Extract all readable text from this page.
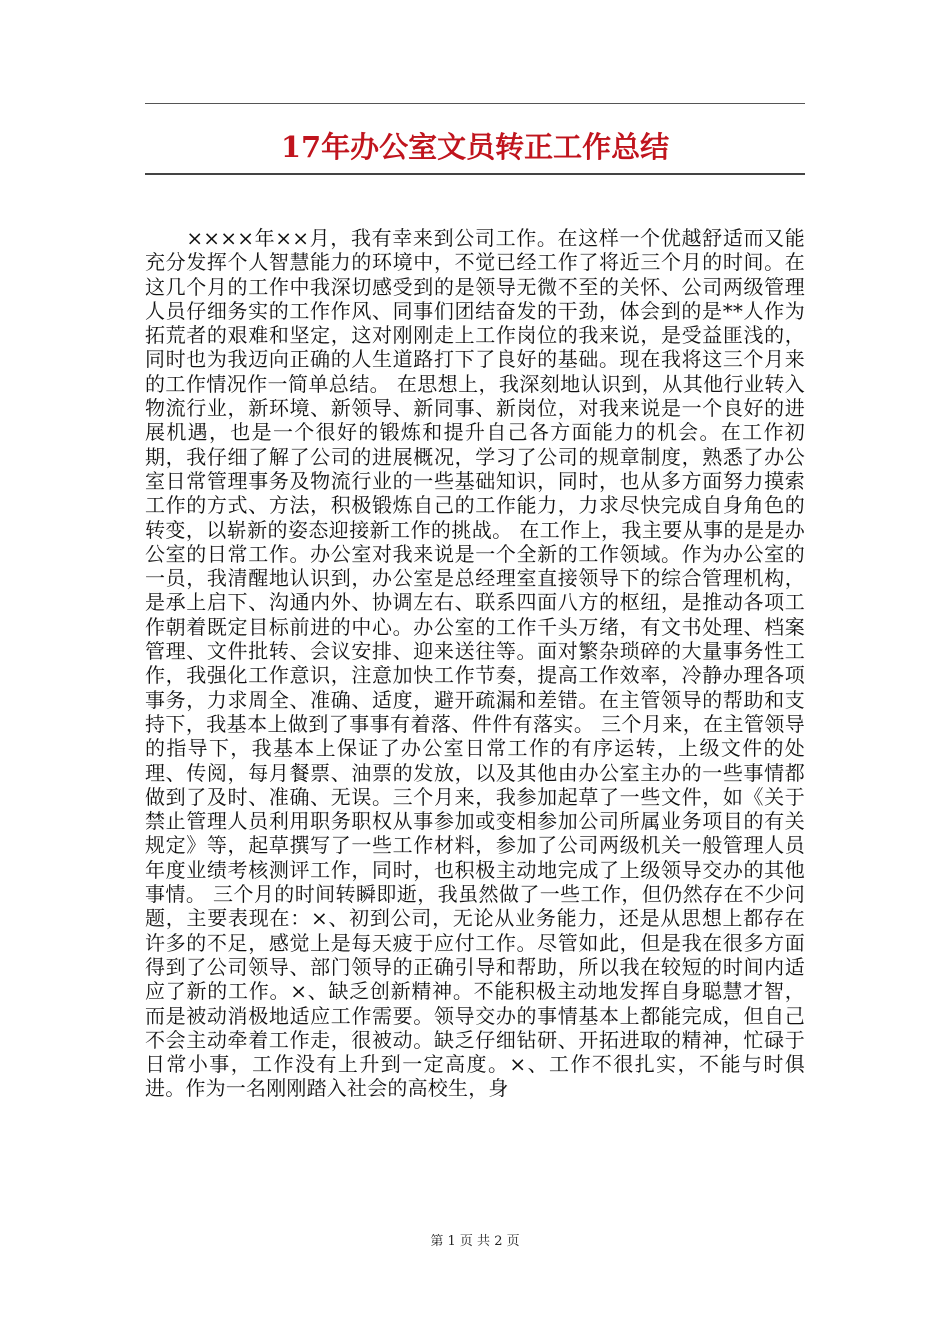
17年办公室文员转正工作总结
　　××××年××月，我有幸来到公司工作。在这样一个优越舒适而又能充分发挥个人智慧能力的环境中，不觉已经工作了将近三个月的时间。在这几个月的工作中我深切感受到的是领导无微不至的关怀、公司两级管理人员仔细务实的工作作风、同事们团结奋发的干劲，体会到的是**人作为拓荒者的艰难和坚定，这对刚刚走上工作岗位的我来说，是受益匪浅的，同时也为我迈向正确的人生道路打下了良好的基础。现在我将这三个月来的工作情况作一简单总结。 在思想上，我深刻地认识到，从其他行业转入物流行业，新环境、新领导、新同事、新岗位，对我来说是一个良好的进展机遇，也是一个很好的锻炼和提升自己各方面能力的机会。在工作初期，我仔细了解了公司的进展概况，学习了公司的规章制度，熟悉了办公室日常管理事务及物流行业的一些基础知识，同时，也从多方面努力摸索工作的方式、方法，积极锻炼自己的工作能力，力求尽快完成自身角色的转变，以崭新的姿态迎接新工作的挑战。 在工作上，我主要从事的是是办公室的日常工作。办公室对我来说是一个全新的工作领域。作为办公室的一员，我清醒地认识到，办公室是总经理室直接领导下的综合管理机构，是承上启下、沟通内外、协调左右、联系四面八方的枢纽，是推动各项工作朝着既定目标前进的中心。办公室的工作千头万绪，有文书处理、档案管理、文件批转、会议安排、迎来送往等。面对繁杂琐碎的大量事务性工作，我强化工作意识，注意加快工作节奏，提高工作效率，冷静办理各项事务，力求周全、准确、适度，避开疏漏和差错。在主管领导的帮助和支持下，我基本上做到了事事有着落、件件有落实。 三个月来，在主管领导的指导下，我基本上保证了办公室日常工作的有序运转，上级文件的处理、传阅，每月餐票、油票的发放，以及其他由办公室主办的一些事情都做到了及时、准确、无误。三个月来，我参加起草了一些文件，如《关于禁止管理人员利用职务职权从事参加或变相参加公司所属业务项目的有关规定》等，起草撰写了一些工作材料，参加了公司两级机关一般管理人员年度业绩考核测评工作，同时，也积极主动地完成了上级领导交办的其他事情。 三个月的时间转瞬即逝，我虽然做了一些工作，但仍然存在不少问题，主要表现在：×、初到公司，无论从业务能力，还是从思想上都存在许多的不足，感觉上是每天疲于应付工作。尽管如此，但是我在很多方面得到了公司领导、部门领导的正确引导和帮助，所以我在较短的时间内适应了新的工作。×、缺乏创新精神。不能积极主动地发挥自身聪慧才智，而是被动消极地适应工作需要。领导交办的事情基本上都能完成，但自己不会主动牵着工作走，很被动。缺乏仔细钻研、开拓进取的精神，忙碌于日常小事，工作没有上升到一定高度。×、工作不很扎实，不能与时俱进。作为一名刚刚踏入社会的高校生，身
第 1 页 共 2 页
